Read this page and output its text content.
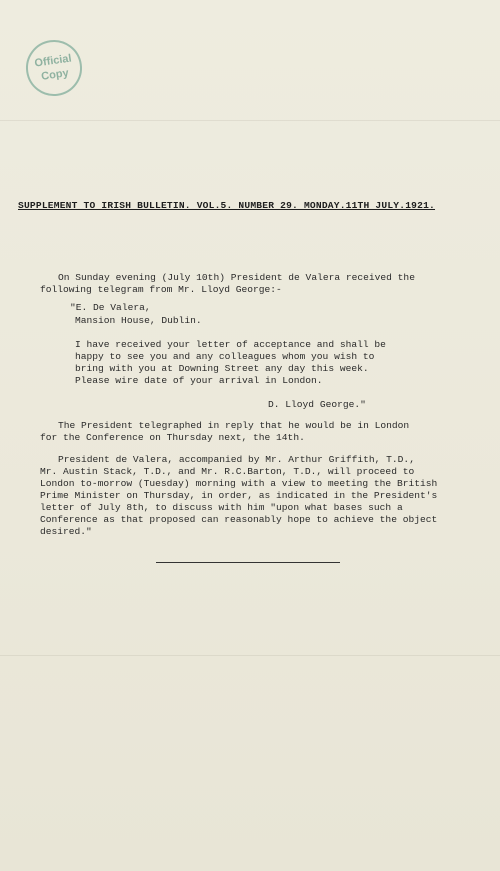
Official
Copy
SUPPLEMENT TO IRISH BULLETIN. VOL.5. NUMBER 29. MONDAY.11TH JULY.1921.
On Sunday evening (July 10th) President de Valera received the
following telegram from Mr. Lloyd George:-
"E. De Valera,
Mansion House, Dublin.
I have received your letter of acceptance and shall be
happy to see you and any colleagues whom you wish to
bring with you at Downing Street any day this week.
Please wire date of your arrival in London.
D. Lloyd George."
The President telegraphed in reply that he would be in London
for the Conference on Thursday next, the 14th.
President de Valera, accompanied by Mr. Arthur Griffith, T.D.,
Mr. Austin Stack, T.D., and Mr. R.C.Barton, T.D., will proceed to
London to-morrow (Tuesday) morning with a view to meeting the British
Prime Minister on Thursday, in order, as indicated in the President's
letter of July 8th, to discuss with him "upon what bases such a
Conference as that proposed can reasonably hope to achieve the object
desired."
